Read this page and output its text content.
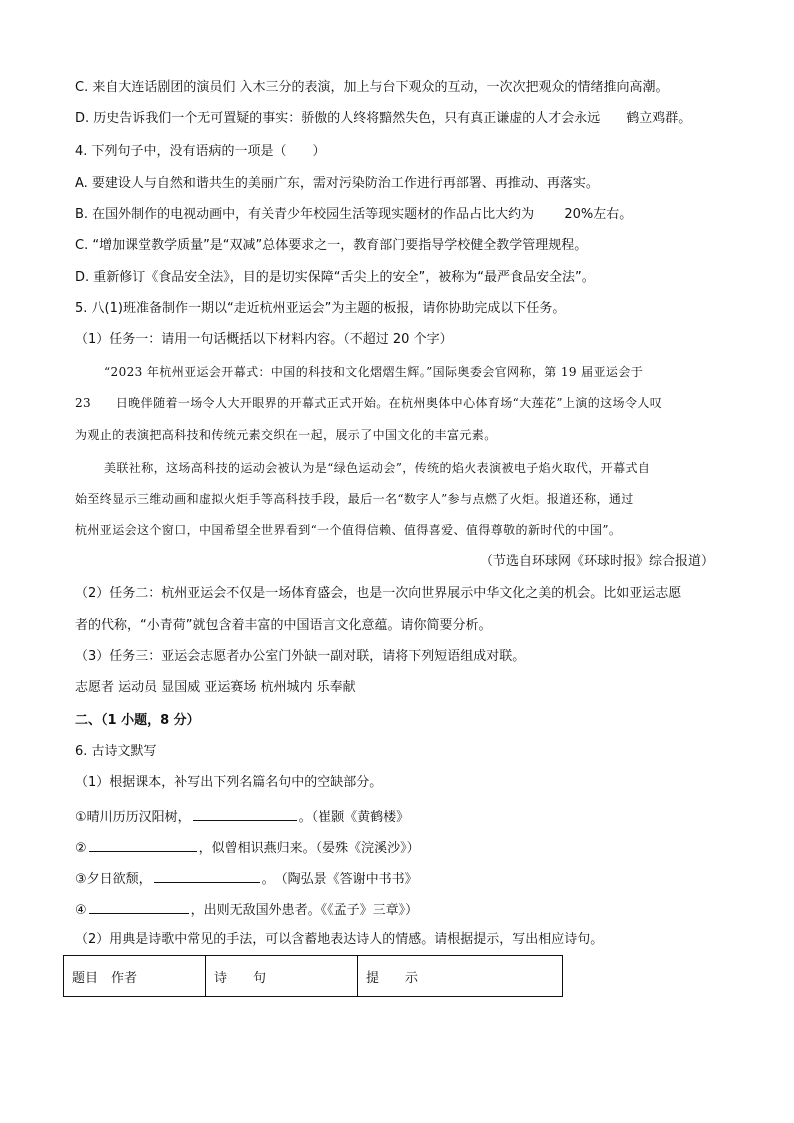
C. 来自大连话剧团的演员们 入木三分的表演，加上与台下观众的互动，一次次把观众的情绪推向高潮。
D. 历史告诉我们一个无可置疑的事实：骄傲的人终将黯然失色，只有真正谦虚的人才会永远　　鹤立鸡群。
4. 下列句子中，没有语病的一项是（　　）
A. 要建设人与自然和谐共生的美丽广东，需对污染防治工作进行再部署、再推动、再落实。
B. 在国外制作的电视动画中，有关青少年校园生活等现实题材的作品占比大约为　　 20%左右。
C. “增加课堂教学质量”是“双减”总体要求之一，教育部门要指导学校健全教学管理规程。
D. 重新修订《食品安全法》，目的是切实保障“舌尖上的安全”，被称为“最严食品安全法”。
5. 八(1)班准备制作一期以“走近杭州亚运会”为主题的板报，请你协助完成以下任务。
（1）任务一：请用一句话概括以下材料内容。（不超过 20 个字）
“2023 年杭州亚运会开幕式：中国的科技和文化熠熠生辉。”国际奥委会官网称，第 19 届亚运会于
23　　日晚伴随着一场令人大开眼界的开幕式正式开始。在杭州奥体中心体育场“大莲花”上演的这场令人叹
为观止的表演把高科技和传统元素交织在一起，展示了中国文化的丰富元素。
美联社称，这场高科技的运动会被认为是“绿色运动会”，传统的焰火表演被电子焰火取代，开幕式自
始至终显示三维动画和虚拟火炬手等高科技手段，最后一名“数字人”参与点燃了火炬。报道还称，通过
杭州亚运会这个窗口，中国希望全世界看到“一个值得信赖、值得喜爱、值得尊敬的新时代的中国”。
（节选自环球网《环球时报》综合报道）
（2）任务二：杭州亚运会不仅是一场体育盛会，也是一次向世界展示中华文化之美的机会。比如亚运志愿
者的代称，“小青荷”就包含着丰富的中国语言文化意蕴。请你简要分析。
（3）任务三：亚运会志愿者办公室门外缺一副对联，请将下列短语组成对联。
志愿者 运动员 显国威 亚运赛场 杭州城内 乐奉献
二、（1 小题，8 分）
6. 古诗文默写
（1）根据课本，补写出下列名篇名句中的空缺部分。
①晴川历历汉阳树，	。（崔颢《黄鹤楼》
②	，似曾相识燕归来。（晏殊《浣溪沙》）
③夕日欲颓，	。　（陶弘景《答谢中书书》
④	，出则无敌国外患者。《《孟子》三章》）
（2）用典是诗歌中常见的手法，可以含蓄地表达诗人的情感。请根据提示，写出相应诗句。
题目　作者	诗　　句	提　　示
